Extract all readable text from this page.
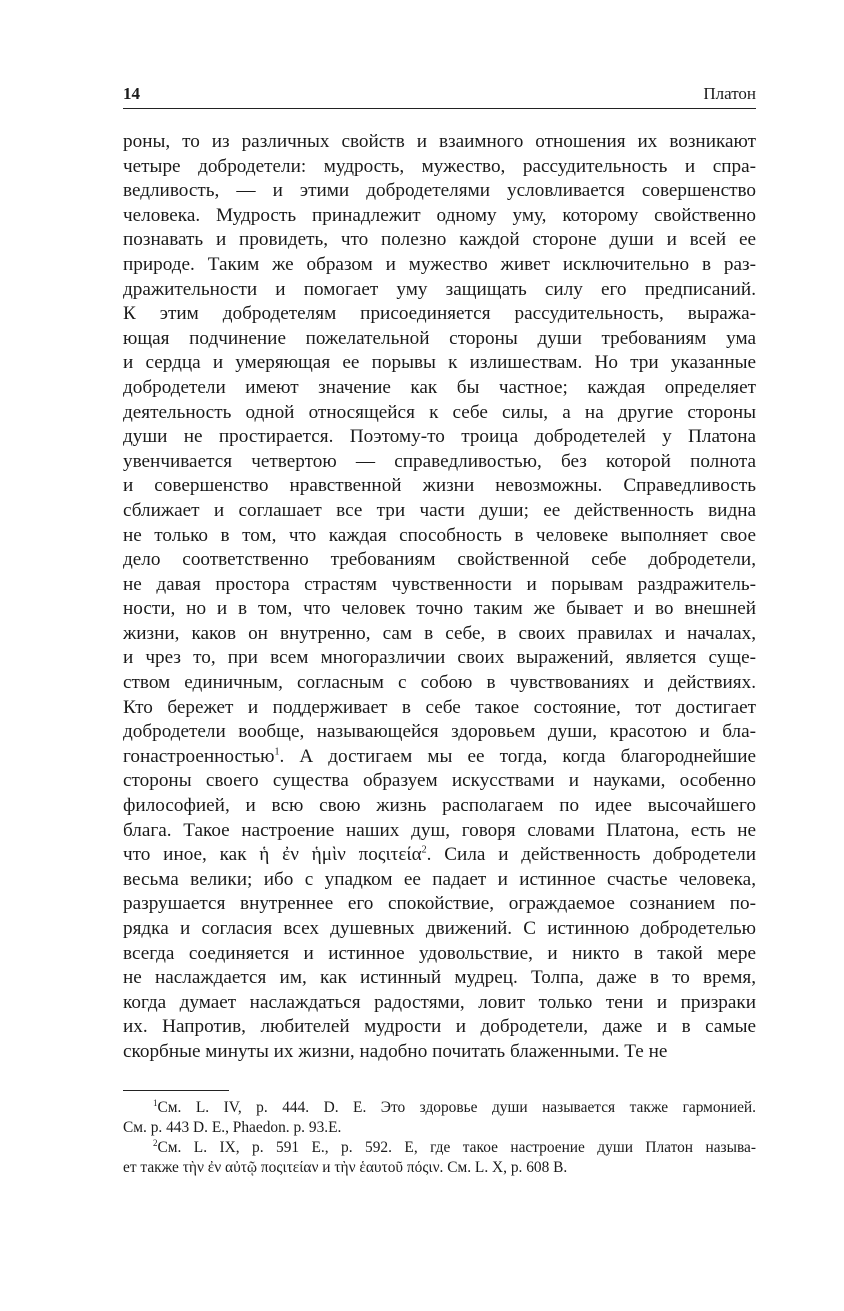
14	Платон

роны, то из различных свойств и взаимного отношения их возникают
четыре добродетели: мудрость, мужество, рассудительность и спра-
ведливость, — и этими добродетелями условливается совершенство
человека. Мудрость принадлежит одному уму, которому свойственно
познавать и провидеть, что полезно каждой стороне души и всей ее
природе. Таким же образом и мужество живет исключительно в раз-
дражительности и помогает уму защищать силу его предписаний.
К этим добродетелям присоединяется рассудительность, выража-
ющая подчинение пожелательной стороны души требованиям ума
и сердца и умеряющая ее порывы к излишествам. Но три указанные
добродетели имеют значение как бы частное; каждая определяет
деятельность одной относящейся к себе силы, а на другие стороны
души не простирается. Поэтому-то троица добродетелей у Платона
увенчивается четвертою — справедливостью, без которой полнота
и совершенство нравственной жизни невозможны. Справедливость
сближает и соглашает все три части души; ее действенность видна
не только в том, что каждая способность в человеке выполняет свое
дело соответственно требованиям свойственной себе добродетели,
не давая простора страстям чувственности и порывам раздражитель-
ности, но и в том, что человек точно таким же бывает и во внешней
жизни, каков он внутренно, сам в себе, в своих правилах и началах,
и чрез то, при всем многоразличии своих выражений, является суще-
ством единичным, согласным с собою в чувствованиях и действиях.
Кто бережет и поддерживает в себе такое состояние, тот достигает
добродетели вообще, называющейся здоровьем души, красотою и бла-
гонастроенностью$^1$. А достигаем мы ее тогда, когда благороднейшие
стороны своего существа образуем искусствами и науками, особенно
философией, и всю свою жизнь располагаем по идее высочайшего
блага. Такое настроение наших душ, говоря словами Платона, есть не
что иное, как ἡ ἐν ἡμὶν ποςιτεία$^2$. Сила и действенность добродетели
весьма велики; ибо с упадком ее падает и истинное счастье человека,
разрушается внутреннее его спокойствие, ограждаемое сознанием по-
рядка и согласия всех душевных движений. С истинною добродетелью
всегда соединяется и истинное удовольствие, и никто в такой мере
не наслаждается им, как истинный мудрец. Толпа, даже в то время,
когда думает наслаждаться радостями, ловит только тени и призраки
их. Напротив, любителей мудрости и добродетели, даже и в самые
скорбные минуты их жизни, надобно почитать блаженными. Те не

$^1$См. L. IV, p. 444. D. E. Это здоровье души называется также гармонией.
См. p. 443 D. E., Phaedon. p. 93.E.
$^2$См. L. IX, p. 591 E., p. 592. E, где такое настроение души Платон называ-
ет также τὴν ἐν αὐτῷ ποςιτείαν и τὴν ἑαυτοῦ πόςιν. См. L. X, p. 608 B.
